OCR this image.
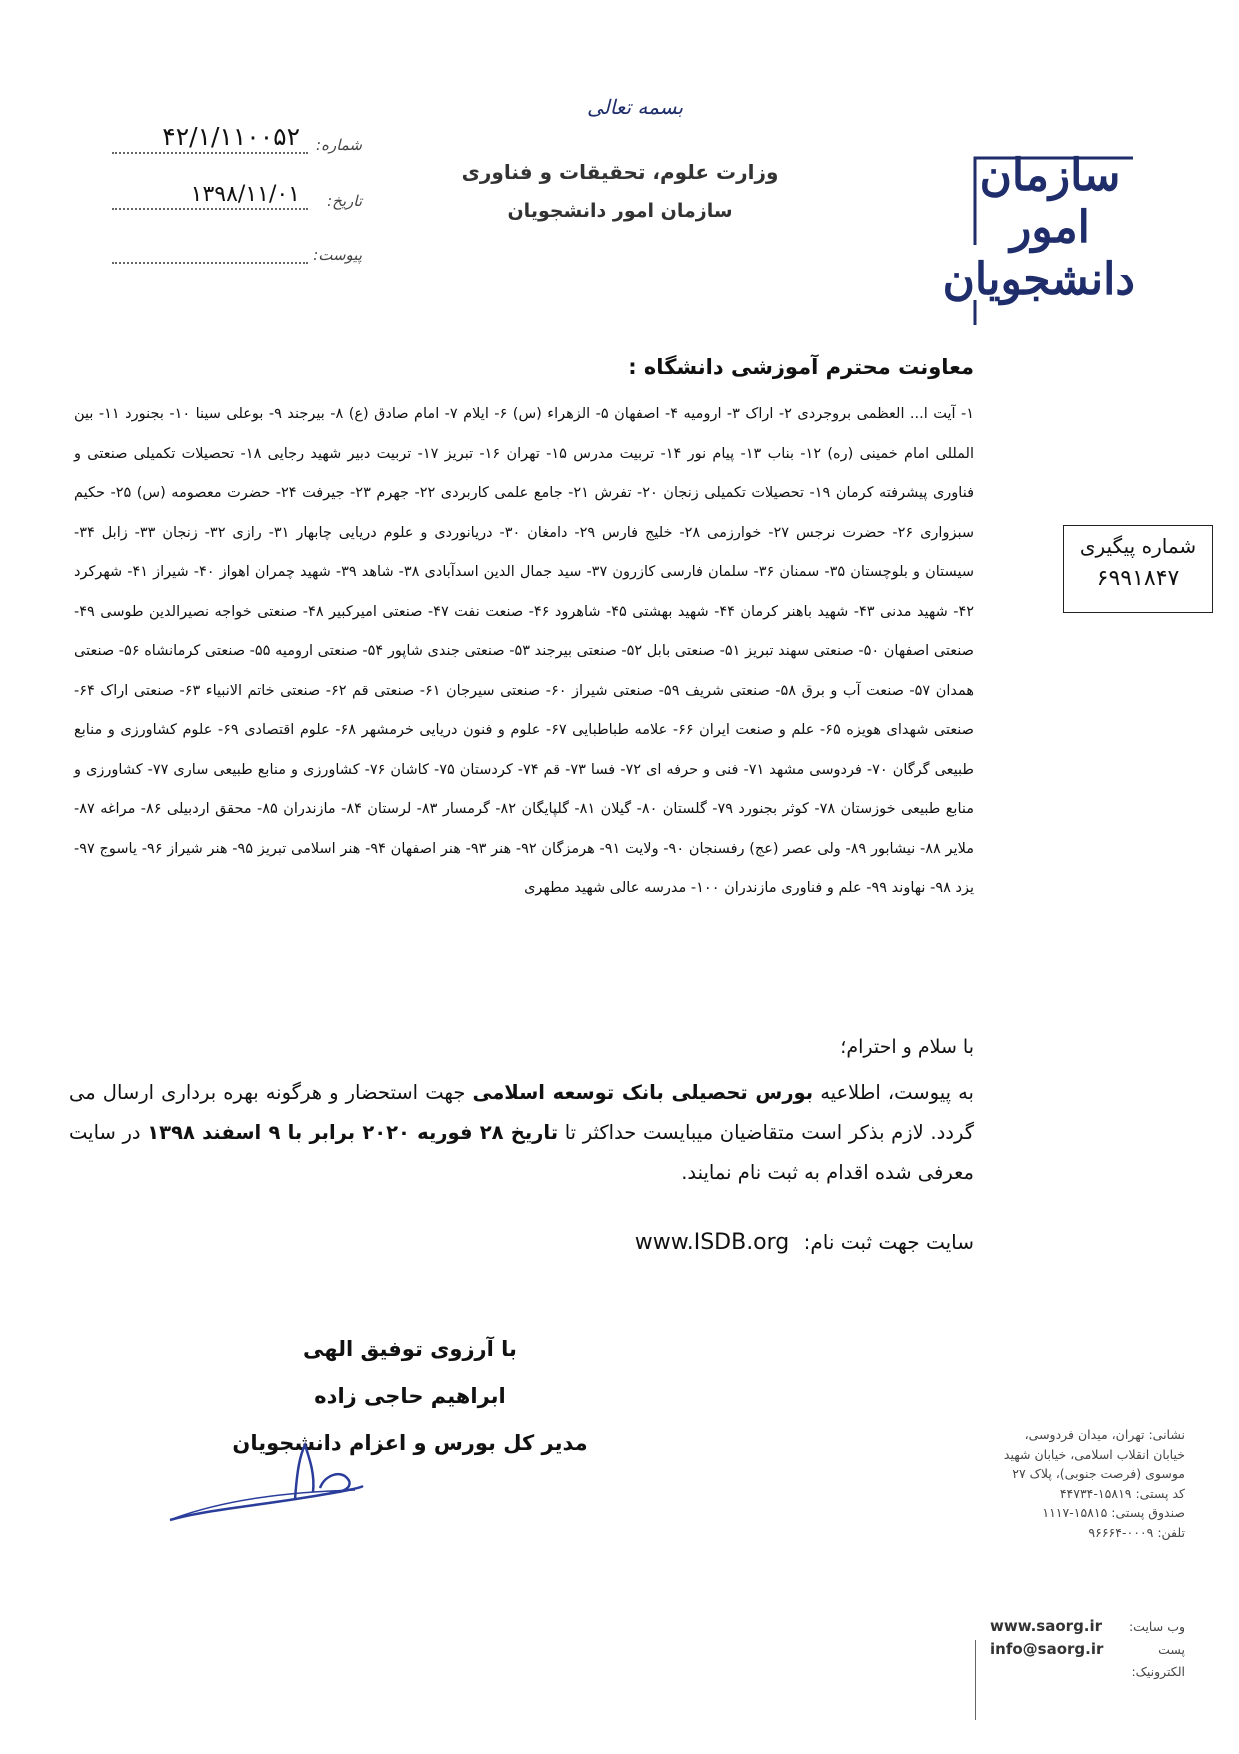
بسمه تعالی
وزارت علوم، تحقیقات و فناوری
سازمان امور دانشجویان
شماره:
۴۲/۱/۱۱۰۰۵۲
تاریخ:
۱۳۹۸/۱۱/۰۱
پیوست:
سازمان امور دانشجویان
معاونت محترم آموزشی دانشگاه :
۱- آیت ا... العظمی بروجردی ۲- اراک ۳- ارومیه ۴- اصفهان ۵- الزهراء (س) ۶- ایلام ۷- امام صادق (ع) ۸- بیرجند ۹- بوعلی سینا ۱۰- بجنورد ۱۱- بین المللی امام خمینی (ره) ۱۲- بناب ۱۳- پیام نور ۱۴- تربیت مدرس ۱۵- تهران ۱۶- تبریز ۱۷- تربیت دبیر شهید رجایی ۱۸- تحصیلات تکمیلی صنعتی و فناوری پیشرفته کرمان ۱۹- تحصیلات تکمیلی زنجان ۲۰- تفرش ۲۱- جامع علمی کاربردی ۲۲- جهرم ۲۳- جیرفت ۲۴- حضرت معصومه (س) ۲۵- حکیم سبزواری ۲۶- حضرت نرجس ۲۷- خوارزمی ۲۸- خلیج فارس ۲۹- دامغان ۳۰- دریانوردی و علوم دریایی چابهار ۳۱- رازی ۳۲- زنجان ۳۳- زابل ۳۴- سیستان و بلوچستان ۳۵- سمنان ۳۶- سلمان فارسی کازرون ۳۷- سید جمال الدین اسدآبادی ۳۸- شاهد ۳۹- شهید چمران اهواز ۴۰- شیراز ۴۱- شهرکرد ۴۲- شهید مدنی ۴۳- شهید باهنر کرمان ۴۴- شهید بهشتی ۴۵- شاهرود ۴۶- صنعت نفت ۴۷- صنعتی امیرکبیر ۴۸- صنعتی خواجه نصیرالدین طوسی ۴۹- صنعتی اصفهان ۵۰- صنعتی سهند تبریز ۵۱- صنعتی بابل ۵۲- صنعتی بیرجند ۵۳- صنعتی جندی شاپور ۵۴- صنعتی ارومیه ۵۵- صنعتی کرمانشاه ۵۶- صنعتی همدان ۵۷- صنعت آب و برق ۵۸- صنعتی شریف ۵۹- صنعتی شیراز ۶۰- صنعتی سیرجان ۶۱- صنعتی قم ۶۲- صنعتی خاتم الانبیاء ۶۳- صنعتی اراک ۶۴- صنعتی شهدای هویزه ۶۵- علم و صنعت ایران ۶۶- علامه طباطبایی ۶۷- علوم و فنون دریایی خرمشهر ۶۸- علوم اقتصادی ۶۹- علوم کشاورزی و منابع طبیعی گرگان ۷۰- فردوسی مشهد ۷۱- فنی و حرفه ای ۷۲- فسا ۷۳- قم ۷۴- کردستان ۷۵- کاشان ۷۶- کشاورزی و منابع طبیعی ساری ۷۷- کشاورزی و منابع طبیعی خوزستان ۷۸- کوثر بجنورد ۷۹- گلستان ۸۰- گیلان ۸۱- گلپایگان ۸۲- گرمسار ۸۳- لرستان ۸۴- مازندران ۸۵- محقق اردبیلی ۸۶- مراغه ۸۷- ملایر ۸۸- نیشابور ۸۹- ولی عصر (عج) رفسنجان ۹۰- ولایت ۹۱- هرمزگان ۹۲- هنر ۹۳- هنر اصفهان ۹۴- هنر اسلامی تبریز ۹۵- هنر شیراز ۹۶- یاسوج ۹۷- یزد ۹۸- نهاوند ۹۹- علم و فناوری مازندران ۱۰۰- مدرسه عالی شهید مطهری
شماره پیگیری
۶۹۹۱۸۴۷
با سلام و احترام؛
به پیوست، اطلاعیه بورس تحصیلی بانک توسعه اسلامی جهت استحضار و هرگونه بهره برداری ارسال می گردد. لازم بذکر است متقاضیان میبایست حداکثر تا تاریخ ۲۸ فوریه ۲۰۲۰ برابر با ۹ اسفند ۱۳۹۸ در سایت معرفی شده اقدام به ثبت نام نمایند.
سایت جهت ثبت نام: www.ISDB.org
با آرزوی توفیق الهی
ابراهیم حاجی زاده
مدیر کل بورس و اعزام دانشجویان	نشانی: تهران، میدان فردوسی، خیابان انقلاب اسلامی، خیابان شهید موسوی (فرصت جنوبی)، پلاک ۲۷
کد پستی: ۱۵۸۱۹-۴۴۷۳۴
صندوق پستی: ۱۵۸۱۵-۱۱۱۷
تلفن: ۰۰۰۹-۹۶۶۶۴
وب سایت:
www.saorg.ir
پست الکترونیک:
info@saorg.ir
